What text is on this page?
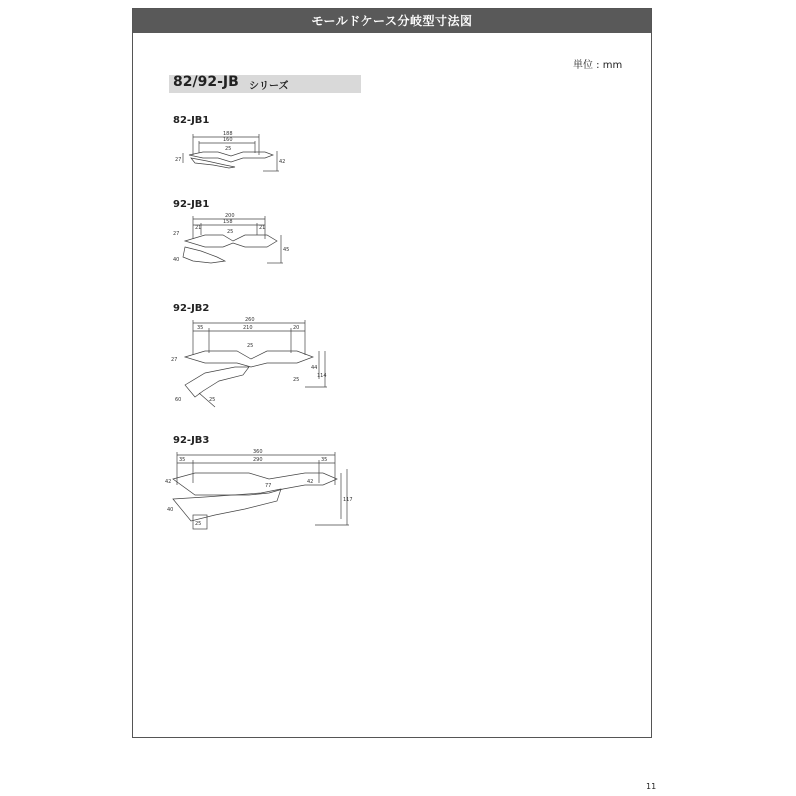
モールドケース分岐型寸法図
単位 : mm
82/92-JB シリーズ
82-JB1
188
160
27
25
42
92-JB1
200
158
21	21
27	25
40
45
92-JB2
260
35	210	20
27
25
44
114
60	25
25
92-JB3
360
35	290	35
42
77
117
42
40
25
11
